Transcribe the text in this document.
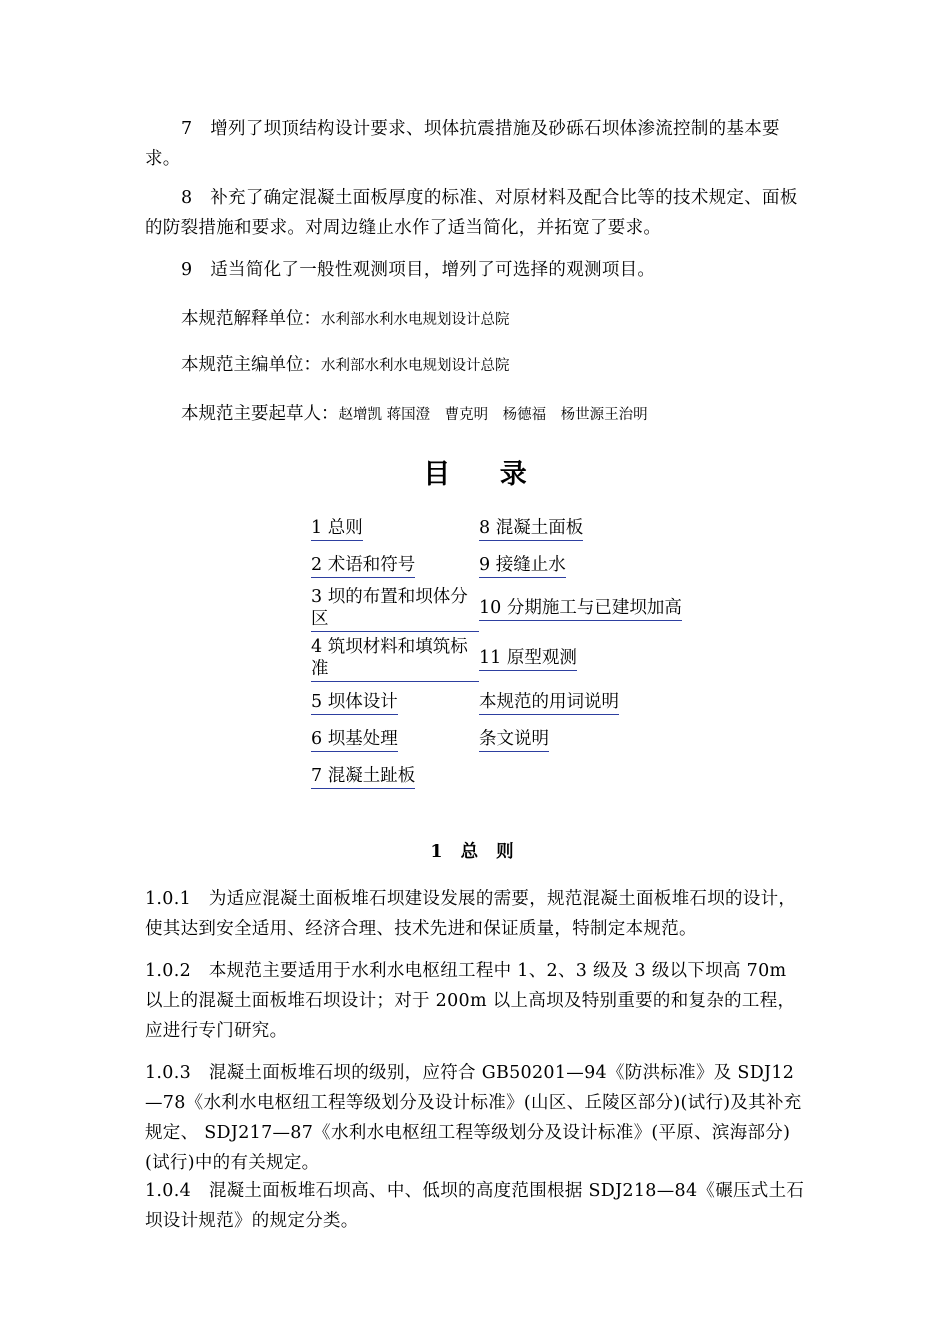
7　增列了坝顶结构设计要求、坝体抗震措施及砂砾石坝体渗流控制的基本要求。

8　补充了确定混凝土面板厚度的标准、对原材料及配合比等的技术规定、面板的防裂措施和要求。对周边缝止水作了适当简化，并拓宽了要求。

9　适当简化了一般性观测项目，增列了可选择的观测项目。

本规范解释单位：水利部水利水电规划设计总院

本规范主编单位：水利部水利水电规划设计总院

本规范主要起草人：赵增凯 蒋国澄　曹克明　杨德福　杨世源王治明

目 录
1 总则	8 混凝土面板
2 术语和符号	9 接缝止水
3 坝的布置和坝体分区	10 分期施工与已建坝加高
4 筑坝材料和填筑标准	11 原型观测
5 坝体设计	本规范的用词说明
6 坝基处理	条文说明
7 混凝土趾板	
1 总 则

1.0.1　为适应混凝土面板堆石坝建设发展的需要，规范混凝土面板堆石坝的设计，使其达到安全适用、经济合理、技术先进和保证质量，特制定本规范。

1.0.2　本规范主要适用于水利水电枢纽工程中 1、2、3 级及 3 级以下坝高 70m 以上的混凝土面板堆石坝设计；对于 200m 以上高坝及特别重要的和复杂的工程，应进行专门研究。

1.0.3　混凝土面板堆石坝的级别，应符合 GB50201—94《防洪标准》及 SDJ12—78《水利水电枢纽工程等级划分及设计标准》(山区、丘陵区部分)(试行)及其补充规定、 SDJ217—87《水利水电枢纽工程等级划分及设计标准》(平原、滨海部分)(试行)中的有关规定。

1.0.4　混凝土面板堆石坝高、中、低坝的高度范围根据 SDJ218—84《碾压式土石坝设计规范》的规定分类。
